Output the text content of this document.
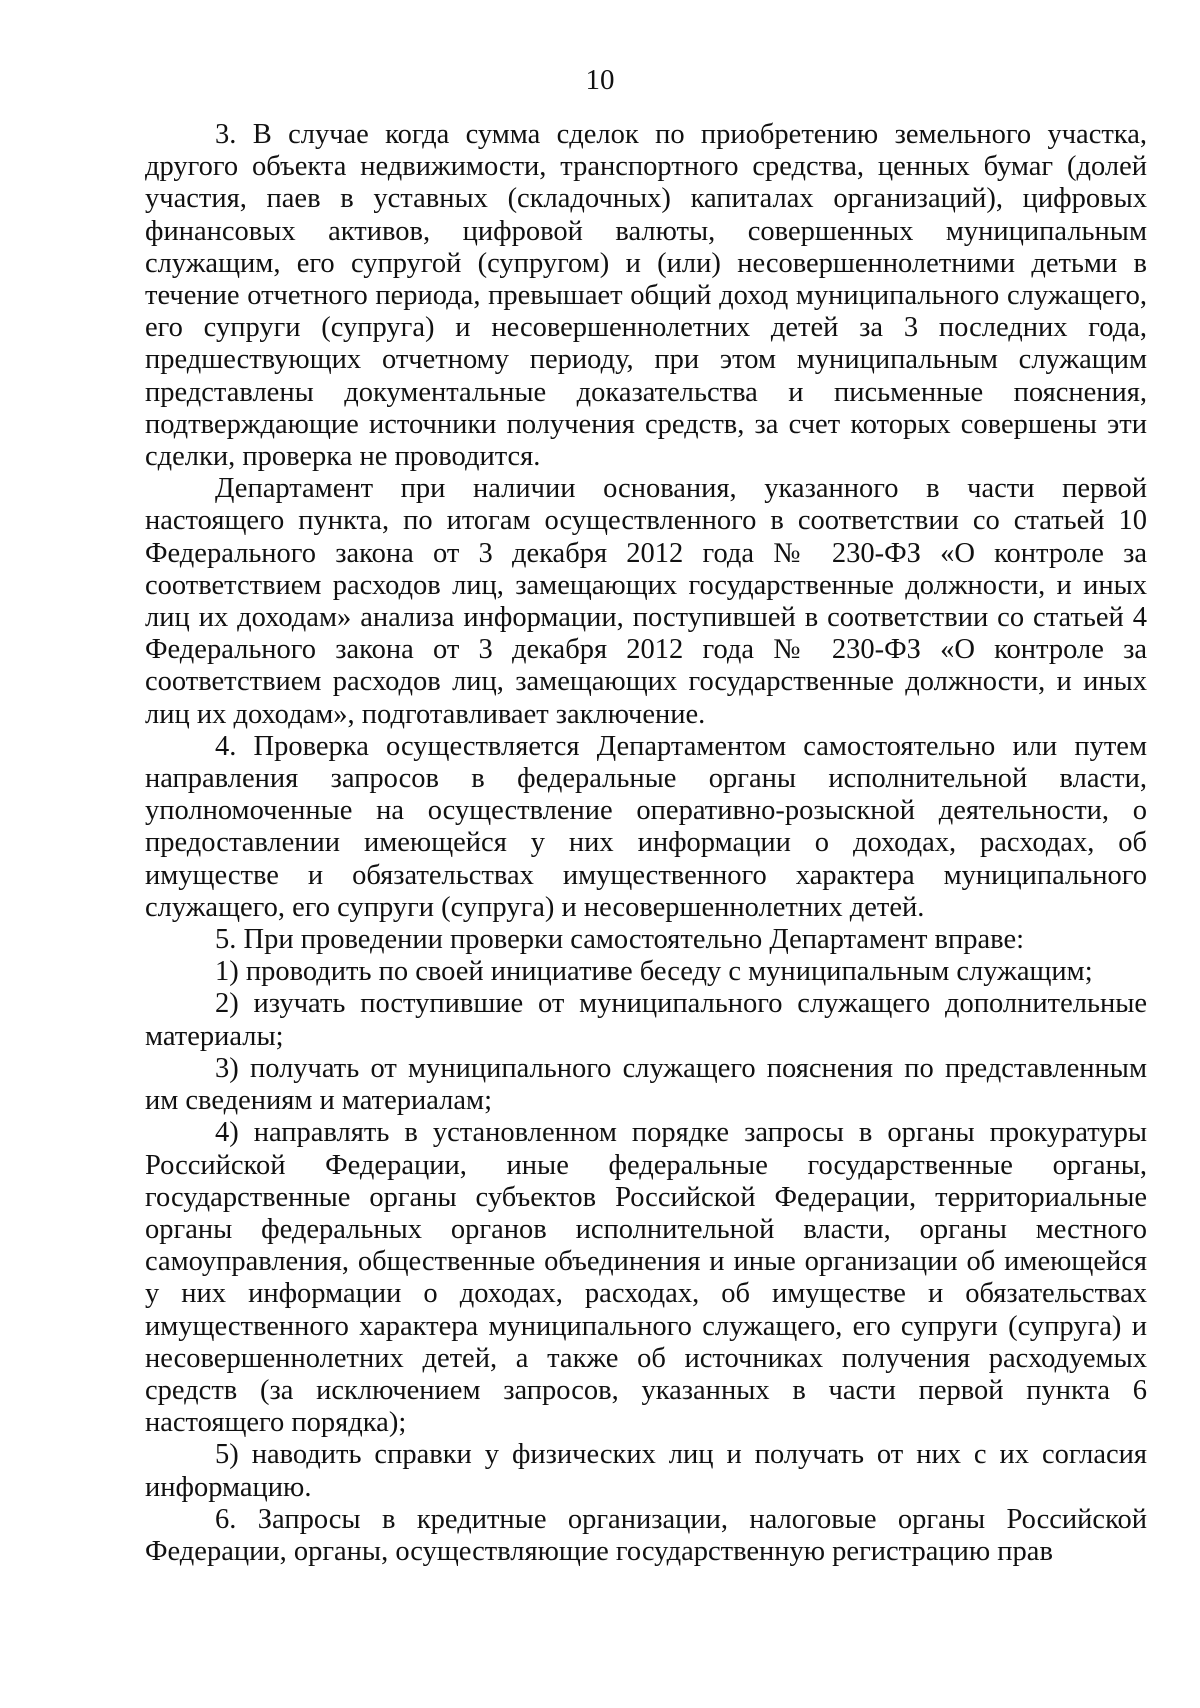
10

3. В случае когда сумма сделок по приобретению земельного участка, другого объекта недвижимости, транспортного средства, ценных бумаг (долей участия, паев в уставных (складочных) капиталах организаций), цифровых финансовых активов, цифровой валюты, совершенных муниципальным служащим, его супругой (супругом) и (или) несовершеннолетними детьми в течение отчетного периода, превышает общий доход муниципального служащего, его супруги (супруга) и несовершеннолетних детей за 3 последних года, предшествующих отчетному периоду, при этом муниципальным служащим представлены документальные доказательства и письменные пояснения, подтверждающие источники получения средств, за счет которых совершены эти сделки, проверка не проводится.

Департамент при наличии основания, указанного в части первой настоящего пункта, по итогам осуществленного в соответствии со статьей 10 Федерального закона от 3 декабря 2012 года № 230-ФЗ «О контроле за соответствием расходов лиц, замещающих государственные должности, и иных лиц их доходам» анализа информации, поступившей в соответствии со статьей 4 Федерального закона от 3 декабря 2012 года № 230-ФЗ «О контроле за соответствием расходов лиц, замещающих государственные должности, и иных лиц их доходам», подготавливает заключение.

4. Проверка осуществляется Департаментом самостоятельно или путем направления запросов в федеральные органы исполнительной власти, уполномоченные на осуществление оперативно-розыскной деятельности, о предоставлении имеющейся у них информации о доходах, расходах, об имуществе и обязательствах имущественного характера муниципального служащего, его супруги (супруга) и несовершеннолетних детей.

5. При проведении проверки самостоятельно Департамент вправе:

1) проводить по своей инициативе беседу с муниципальным служащим;

2) изучать поступившие от муниципального служащего дополнительные материалы;

3) получать от муниципального служащего пояснения по представленным им сведениям и материалам;

4) направлять в установленном порядке запросы в органы прокуратуры Российской Федерации, иные федеральные государственные органы, государственные органы субъектов Российской Федерации, территориальные органы федеральных органов исполнительной власти, органы местного самоуправления, общественные объединения и иные организации об имеющейся у них информации о доходах, расходах, об имуществе и обязательствах имущественного характера муниципального служащего, его супруги (супруга) и несовершеннолетних детей, а также об источниках получения расходуемых средств (за исключением запросов, указанных в части первой пункта 6 настоящего порядка);

5) наводить справки у физических лиц и получать от них с их согласия информацию.

6. Запросы в кредитные организации, налоговые органы Российской Федерации, органы, осуществляющие государственную регистрацию прав
